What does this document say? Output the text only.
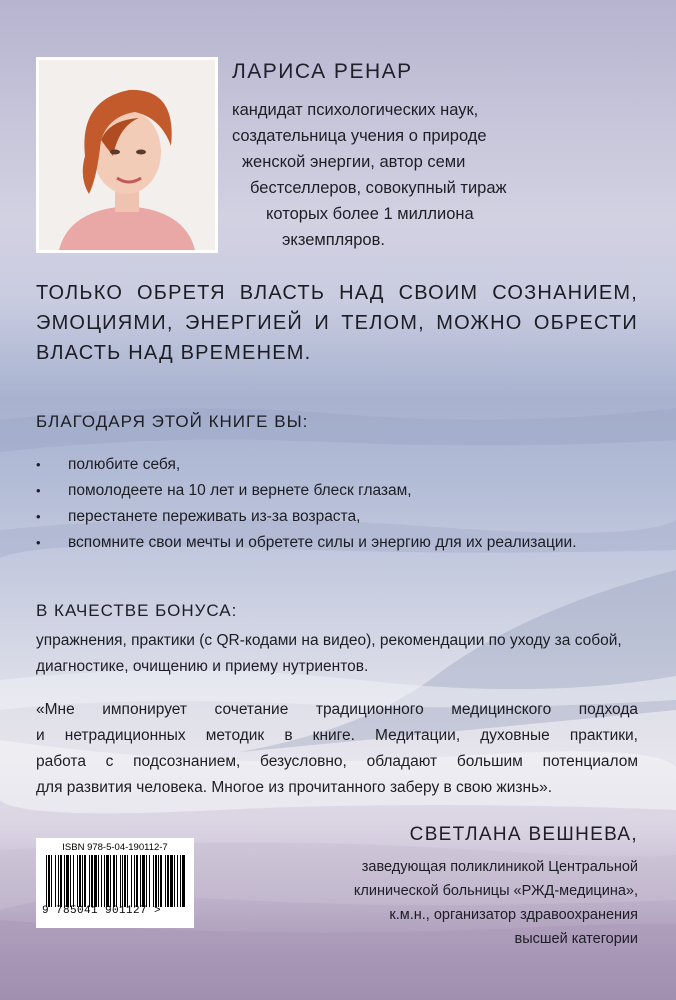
ЛАРИСА РЕНАР
кандидат психологических наук,
создательница учения о природе
женской энергии, автор семи
бестселлеров, совокупный тираж
которых более 1 миллиона
экземпляров.
ТОЛЬКО ОБРЕТЯ ВЛАСТЬ НАД СВОИМ СОЗНАНИЕМ,
ЭМОЦИЯМИ, ЭНЕРГИЕЙ И ТЕЛОМ, МОЖНО ОБРЕСТИ
ВЛАСТЬ НАД ВРЕМЕНЕМ.
БЛАГОДАРЯ ЭТОЙ КНИГЕ ВЫ:
• полюбите себя,
• помолодеете на 10 лет и вернете блеск глазам,
• перестанете переживать из-за возраста,
• вспомните свои мечты и обретете силы и энергию для их реализации.
В КАЧЕСТВЕ БОНУСА:
упражнения, практики (с QR-кодами на видео), рекомендации по уходу за собой, диагностике, очищению и приему нутриентов.
«Мне импонирует сочетание традиционного медицинского подхода
и нетрадиционных методик в книге. Медитации, духовные практики,
работа с подсознанием, безусловно, обладают большим потенциалом
для развития человека. Многое из прочитанного заберу в свою жизнь».
СВЕТЛАНА ВЕШНЕВА,
заведующая поликлиникой Центральной
клинической больницы «РЖД-медицина»,
к.м.н., организатор здравоохранения
высшей категории
ISBN 978-5-04-190112-7
9 785041 901127 >
